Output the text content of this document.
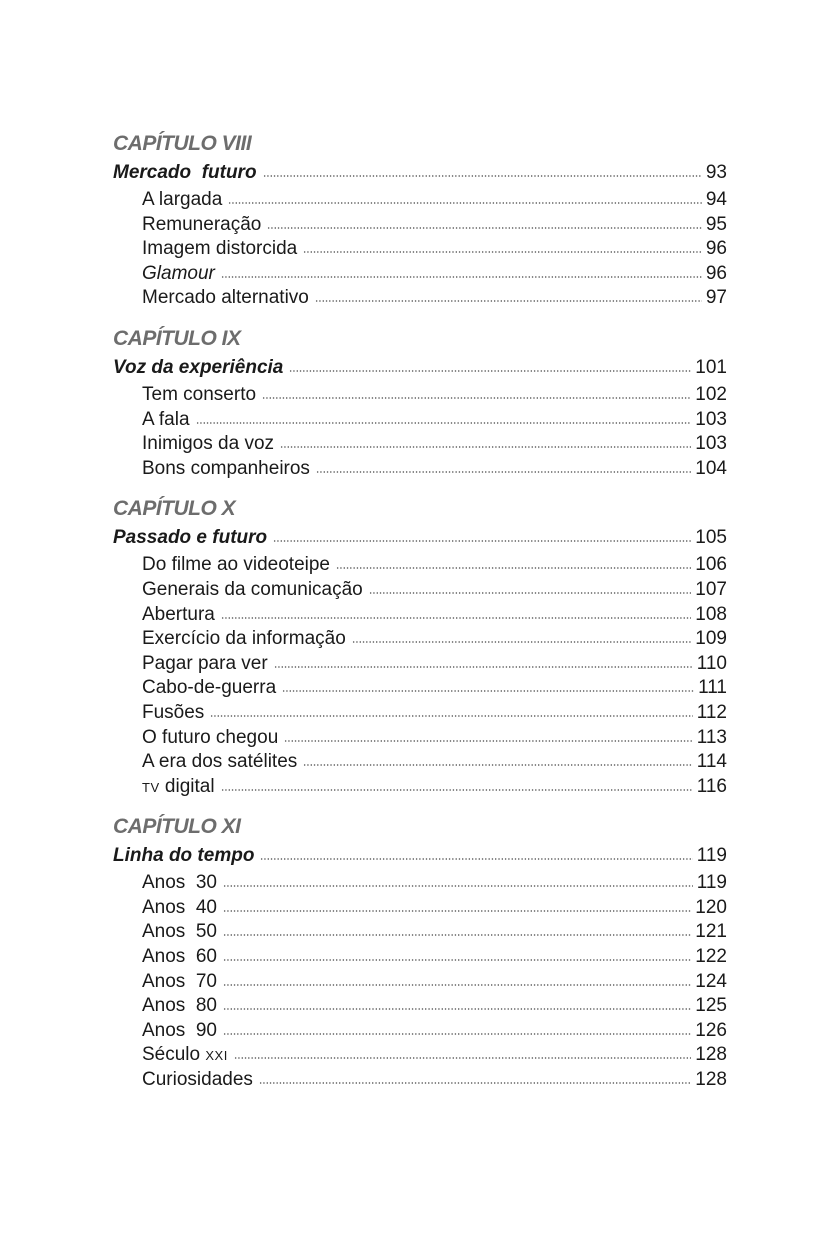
CAPÍTULO VIII
Mercado  futuro	93
A largada	94
Remuneração	95
Imagem distorcida	96
Glamour	96
Mercado alternativo	97
CAPÍTULO IX
Voz da experiência	101
Tem conserto	102
A fala	103
Inimigos da voz	103
Bons companheiros	104
CAPÍTULO X
Passado e futuro	105
Do filme ao videoteipe	106
Generais da comunicação	107
Abertura	108
Exercício da informação	109
Pagar para ver	110
Cabo-de-guerra	111
Fusões	112
O futuro chegou	113
A era dos satélites	114
TV digital	116
CAPÍTULO XI
Linha do tempo	119
Anos  30	119
Anos  40	120
Anos  50	121
Anos  60	122
Anos  70	124
Anos  80	125
Anos  90	126
Século XXI	128
Curiosidades	128
